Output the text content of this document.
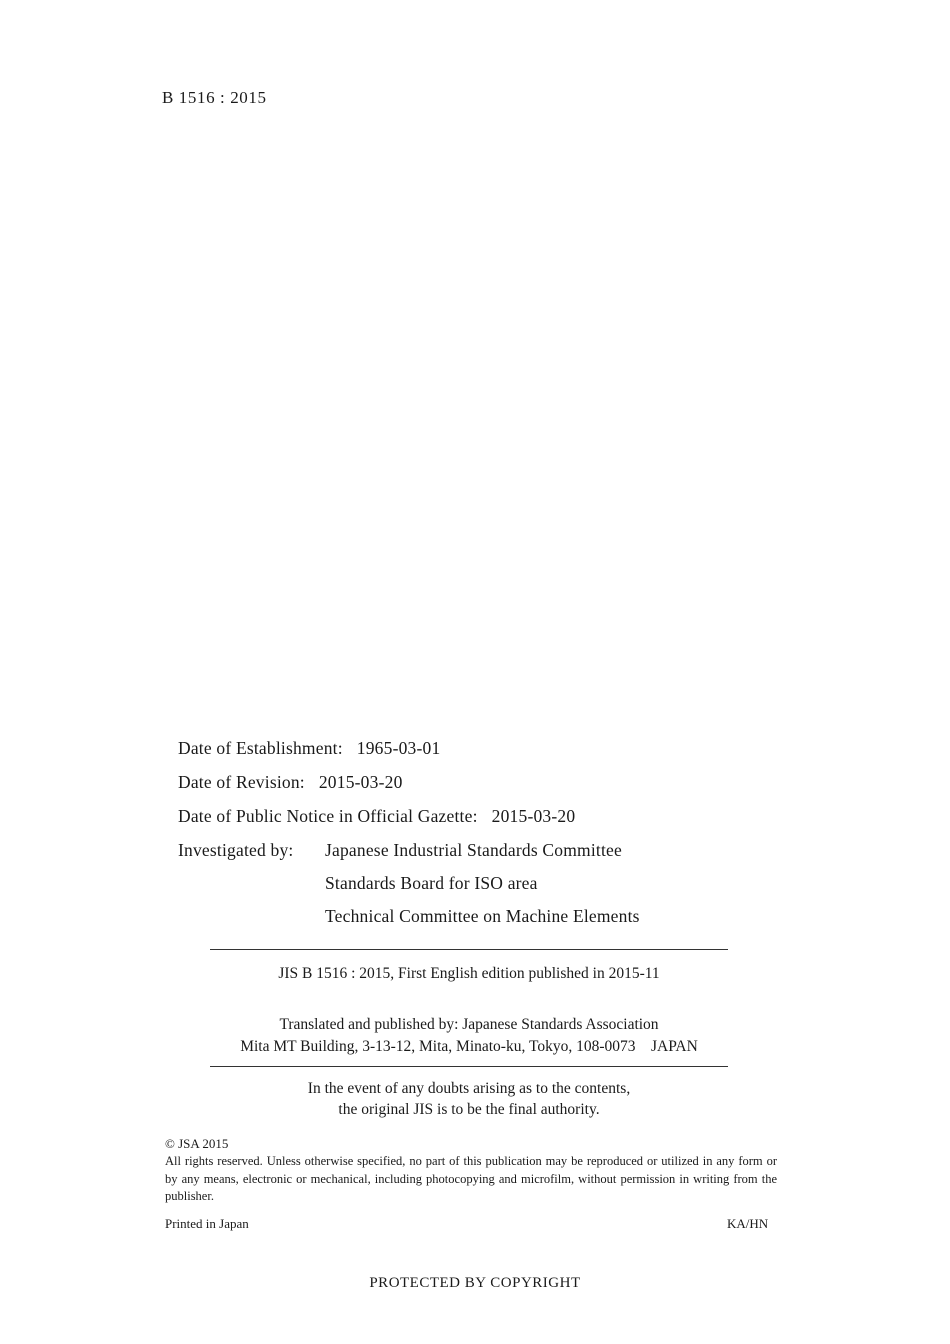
B 1516 : 2015
Date of Establishment: 1965-03-01
Date of Revision: 2015-03-20
Date of Public Notice in Official Gazette: 2015-03-20
Investigated by: Japanese Industrial Standards Committee
Standards Board for ISO area
Technical Committee on Machine Elements
JIS B 1516 : 2015, First English edition published in 2015-11
Translated and published by: Japanese Standards Association
Mita MT Building, 3-13-12, Mita, Minato-ku, Tokyo, 108-0073    JAPAN
In the event of any doubts arising as to the contents,
the original JIS is to be the final authority.
© JSA 2015
All rights reserved. Unless otherwise specified, no part of this publication may be reproduced or utilized in any form or by any means, electronic or mechanical, including photocopying and microfilm, without permission in writing from the publisher.
Printed in Japan	KA/HN
PROTECTED BY COPYRIGHT
